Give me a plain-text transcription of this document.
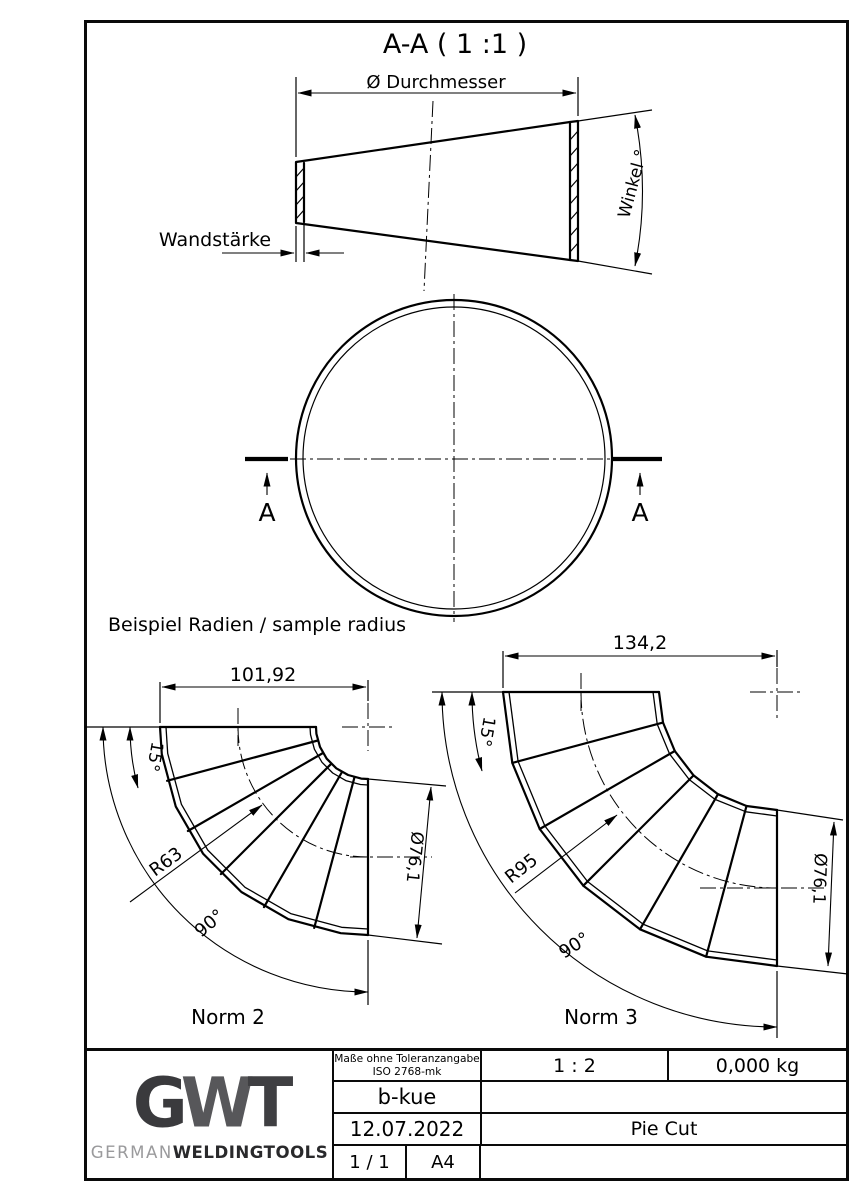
A-A ( 1 :1 )
Ø Durchmesser
Winkel °
Wandstärke
A	A
Beispiel Radien / sample radius
101,92
15°
90°
R63	Ø76,1
Norm 2
134,2
15°
90°
R95	Ø76,1
Norm 3
GWT
GERMANWELDINGTOOLS
Maße ohne Toleranzangabe
ISO 2768-mk	1 : 2	0,000 kg
b-kue
12.07.2022	Pie Cut
1 / 1	A4
